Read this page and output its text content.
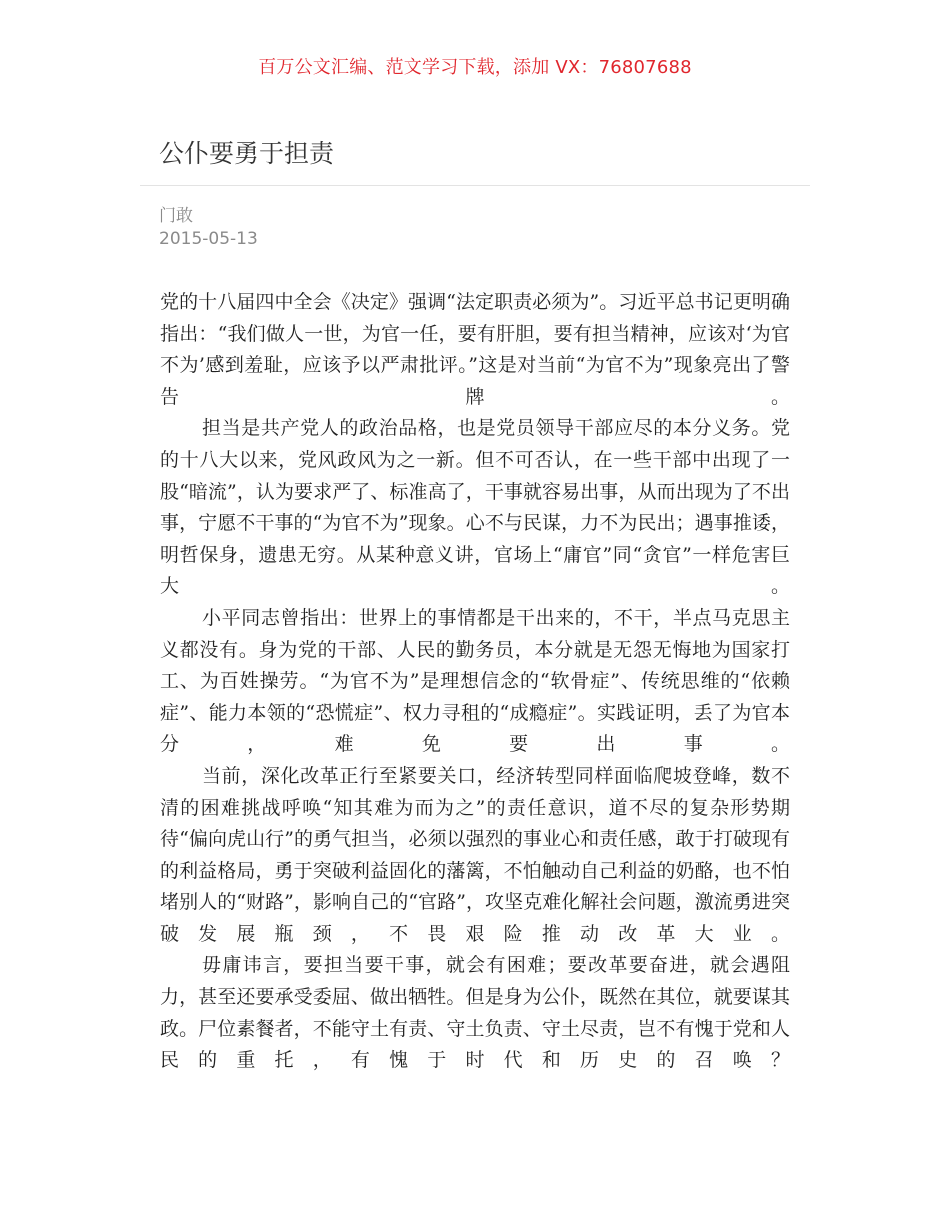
百万公文汇编、范文学习下载，添加 VX：76807688
公仆要勇于担责
门敢
2015-05-13

党的十八届四中全会《决定》强调“法定职责必须为”。习近平总书记更明确指出：“我们做人一世，为官一任，要有肝胆，要有担当精神，应该对‘为官不为’感到羞耻，应该予以严肃批评。”这是对当前“为官不为”现象亮出了警告牌。

担当是共产党人的政治品格，也是党员领导干部应尽的本分义务。党的十八大以来，党风政风为之一新。但不可否认，在一些干部中出现了一股“暗流”，认为要求严了、标准高了，干事就容易出事，从而出现为了不出事，宁愿不干事的“为官不为”现象。心不与民谋，力不为民出；遇事推诿，明哲保身，遗患无穷。从某种意义讲，官场上“庸官”同“贪官”一样危害巨大。

小平同志曾指出：世界上的事情都是干出来的，不干，半点马克思主义都没有。身为党的干部、人民的勤务员，本分就是无怨无悔地为国家打工、为百姓操劳。“为官不为”是理想信念的“软骨症”、传统思维的“依赖症”、能力本领的“恐慌症”、权力寻租的“成瘾症”。实践证明，丢了为官本分，难免要出事。

当前，深化改革正行至紧要关口，经济转型同样面临爬坡登峰，数不清的困难挑战呼唤“知其难为而为之”的责任意识，道不尽的复杂形势期待“偏向虎山行”的勇气担当，必须以强烈的事业心和责任感，敢于打破现有的利益格局，勇于突破利益固化的藩篱，不怕触动自己利益的奶酪，也不怕堵别人的“财路”，影响自己的“官路”，攻坚克难化解社会问题，激流勇进突破发展瓶颈，不畏艰险推动改革大业。

毋庸讳言，要担当要干事，就会有困难；要改革要奋进，就会遇阻力，甚至还要承受委屈、做出牺牲。但是身为公仆，既然在其位，就要谋其政。尸位素餐者，不能守土有责、守土负责、守土尽责，岂不有愧于党和人民的重托，有愧于时代和历史的召唤？
